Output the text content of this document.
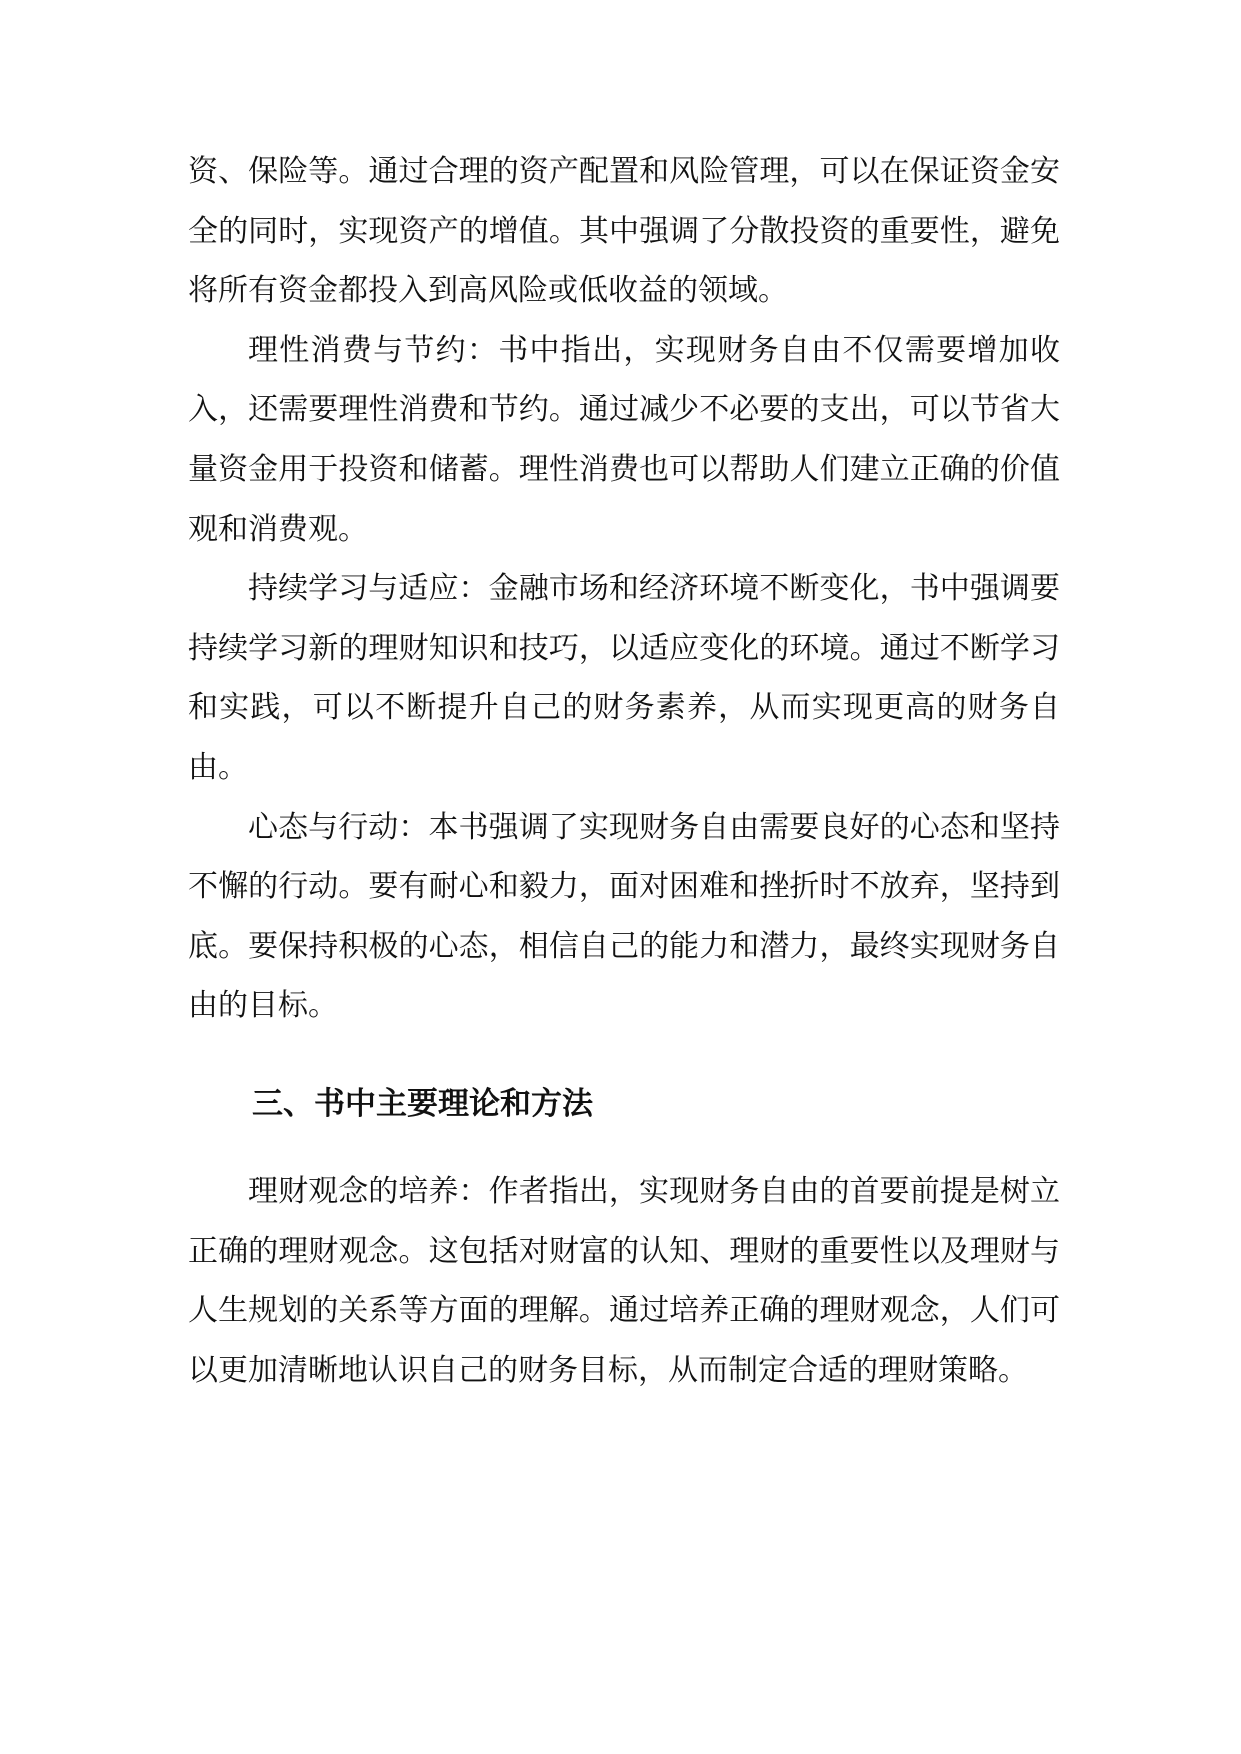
资、保险等。通过合理的资产配置和风险管理，可以在保证资金安全的同时，实现资产的增值。其中强调了分散投资的重要性，避免将所有资金都投入到高风险或低收益的领域。

理性消费与节约：书中指出，实现财务自由不仅需要增加收入，还需要理性消费和节约。通过减少不必要的支出，可以节省大量资金用于投资和储蓄。理性消费也可以帮助人们建立正确的价值观和消费观。

持续学习与适应：金融市场和经济环境不断变化，书中强调要持续学习新的理财知识和技巧，以适应变化的环境。通过不断学习和实践，可以不断提升自己的财务素养，从而实现更高的财务自由。

心态与行动：本书强调了实现财务自由需要良好的心态和坚持不懈的行动。要有耐心和毅力，面对困难和挫折时不放弃，坚持到底。要保持积极的心态，相信自己的能力和潜力，最终实现财务自由的目标。

三、书中主要理论和方法

理财观念的培养：作者指出，实现财务自由的首要前提是树立正确的理财观念。这包括对财富的认知、理财的重要性以及理财与人生规划的关系等方面的理解。通过培养正确的理财观念，人们可以更加清晰地认识自己的财务目标，从而制定合适的理财策略。
